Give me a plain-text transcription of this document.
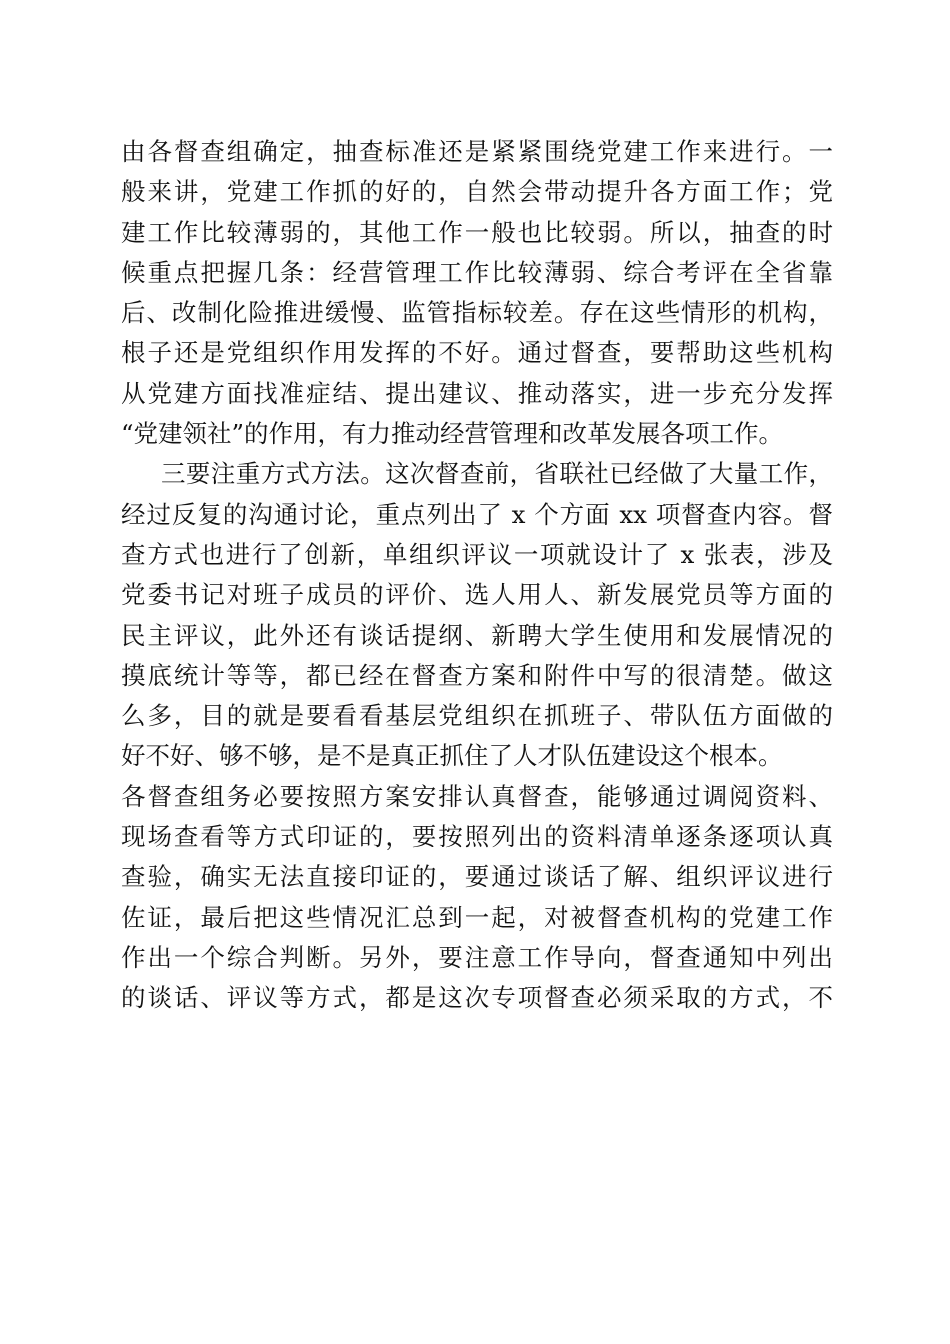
由各督查组确定，抽查标准还是紧紧围绕党建工作来进行。一
般来讲，党建工作抓的好的，自然会带动提升各方面工作；党
建工作比较薄弱的，其他工作一般也比较弱。所以，抽查的时
候重点把握几条：经营管理工作比较薄弱、综合考评在全省靠
后、改制化险推进缓慢、监管指标较差。存在这些情形的机构，
根子还是党组织作用发挥的不好。通过督查，要帮助这些机构
从党建方面找准症结、提出建议、推动落实，进一步充分发挥
“党建领社”的作用，有力推动经营管理和改革发展各项工作。
三要注重方式方法。这次督查前，省联社已经做了大量工作，
经过反复的沟通讨论，重点列出了 x 个方面 xx 项督查内容。督
查方式也进行了创新，单组织评议一项就设计了 x 张表，涉及
党委书记对班子成员的评价、选人用人、新发展党员等方面的
民主评议，此外还有谈话提纲、新聘大学生使用和发展情况的
摸底统计等等，都已经在督查方案和附件中写的很清楚。做这
么多，目的就是要看看基层党组织在抓班子、带队伍方面做的
好不好、够不够，是不是真正抓住了人才队伍建设这个根本。
各督查组务必要按照方案安排认真督查，能够通过调阅资料、
现场查看等方式印证的，要按照列出的资料清单逐条逐项认真
查验，确实无法直接印证的，要通过谈话了解、组织评议进行
佐证，最后把这些情况汇总到一起，对被督查机构的党建工作
作出一个综合判断。另外，要注意工作导向，督查通知中列出
的谈话、评议等方式，都是这次专项督查必须采取的方式，不
